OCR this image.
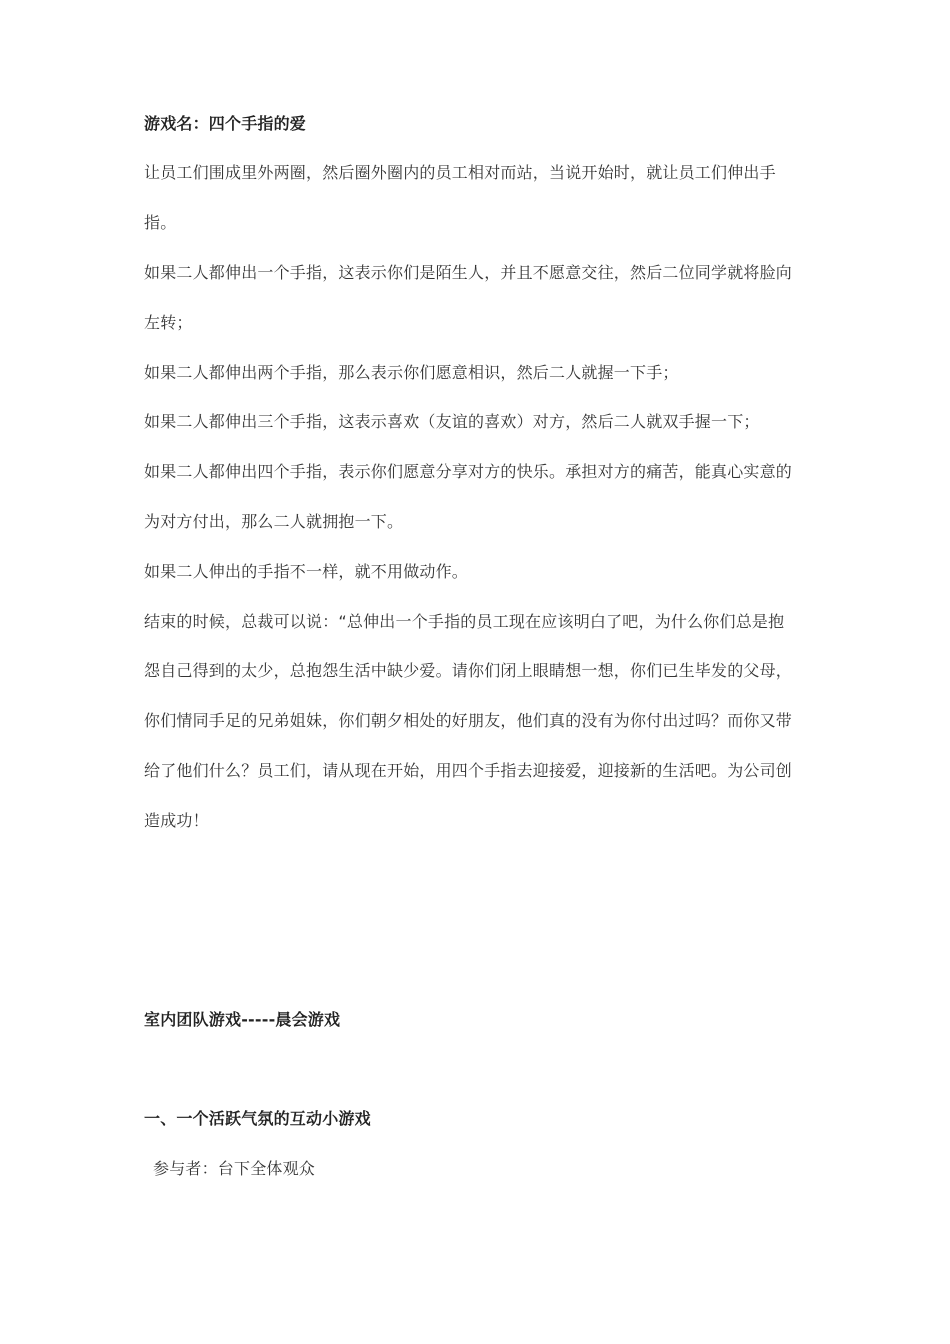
游戏名：四个手指的爱
让员工们围成里外两圈，然后圈外圈内的员工相对而站，当说开始时，就让员工们伸出手
指。
如果二人都伸出一个手指，这表示你们是陌生人，并且不愿意交往，然后二位同学就将脸向
左转；
如果二人都伸出两个手指，那么表示你们愿意相识，然后二人就握一下手；
如果二人都伸出三个手指，这表示喜欢（友谊的喜欢）对方，然后二人就双手握一下；
如果二人都伸出四个手指，表示你们愿意分享对方的快乐。承担对方的痛苦，能真心实意的
为对方付出，那么二人就拥抱一下。
如果二人伸出的手指不一样，就不用做动作。
结束的时候，总裁可以说：“总伸出一个手指的员工现在应该明白了吧，为什么你们总是抱
怨自己得到的太少，总抱怨生活中缺少爱。请你们闭上眼睛想一想，你们已生毕发的父母，
你们情同手足的兄弟姐妹，你们朝夕相处的好朋友，他们真的没有为你付出过吗？而你又带
给了他们什么？员工们，请从现在开始，用四个手指去迎接爱，迎接新的生活吧。为公司创
造成功！
室内团队游戏-----晨会游戏
一、一个活跃气氛的互动小游戏
参与者：台下全体观众
